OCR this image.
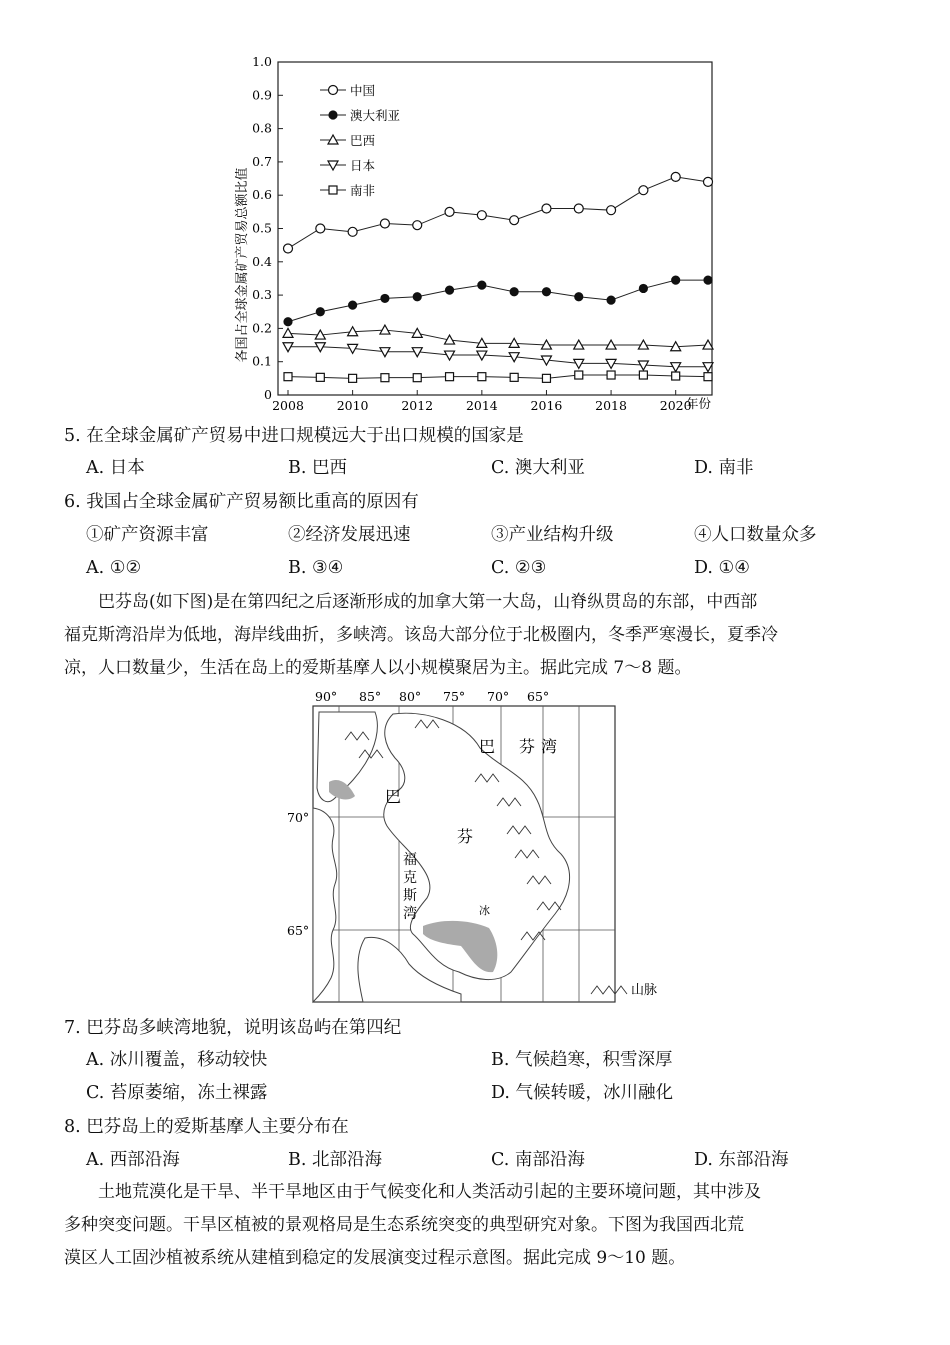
0
0.1
0.2
0.3
0.4
0.5
0.6
0.7
0.8
0.9
1.0
2008	2010	2012	2014	2016	2018	2020
各国占全球金属矿产贸易总额比值
年份
中国
澳大利亚
巴西
日本
南非
5. 在全球金属矿产贸易中进口规模远大于出口规模的国家是
A. 日本	B. 巴西	C. 澳大利亚	D. 南非
6. 我国占全球金属矿产贸易额比重高的原因有
①矿产资源丰富	②经济发展迅速	③产业结构升级	④人口数量众多
A. ①②	B. ③④	C. ②③	D. ①④

巴芬岛(如下图)是在第四纪之后逐渐形成的加拿大第一大岛，山脊纵贯岛的东部，中西部

福克斯湾沿岸为低地，海岸线曲折，多峡湾。该岛大部分位于北极圈内，冬季严寒漫长，夏季冷

凉，人口数量少，生活在岛上的爱斯基摩人以小规模聚居为主。据此完成 7～8 题。

90° 85° 80° 75° 70° 65°
70°
65°
巴 芬 湾
巴
芬
福
克
斯
湾	冰
山脉
7. 巴芬岛多峡湾地貌，说明该岛屿在第四纪
A. 冰川覆盖，移动较快	B. 气候趋寒，积雪深厚
C. 苔原萎缩，冻土裸露	D. 气候转暖，冰川融化
8. 巴芬岛上的爱斯基摩人主要分布在
A. 西部沿海	B. 北部沿海	C. 南部沿海	D. 东部沿海

土地荒漠化是干旱、半干旱地区由于气候变化和人类活动引起的主要环境问题，其中涉及

多种突变问题。干旱区植被的景观格局是生态系统突变的典型研究对象。下图为我国西北荒

漠区人工固沙植被系统从建植到稳定的发展演变过程示意图。据此完成 9～10 题。
